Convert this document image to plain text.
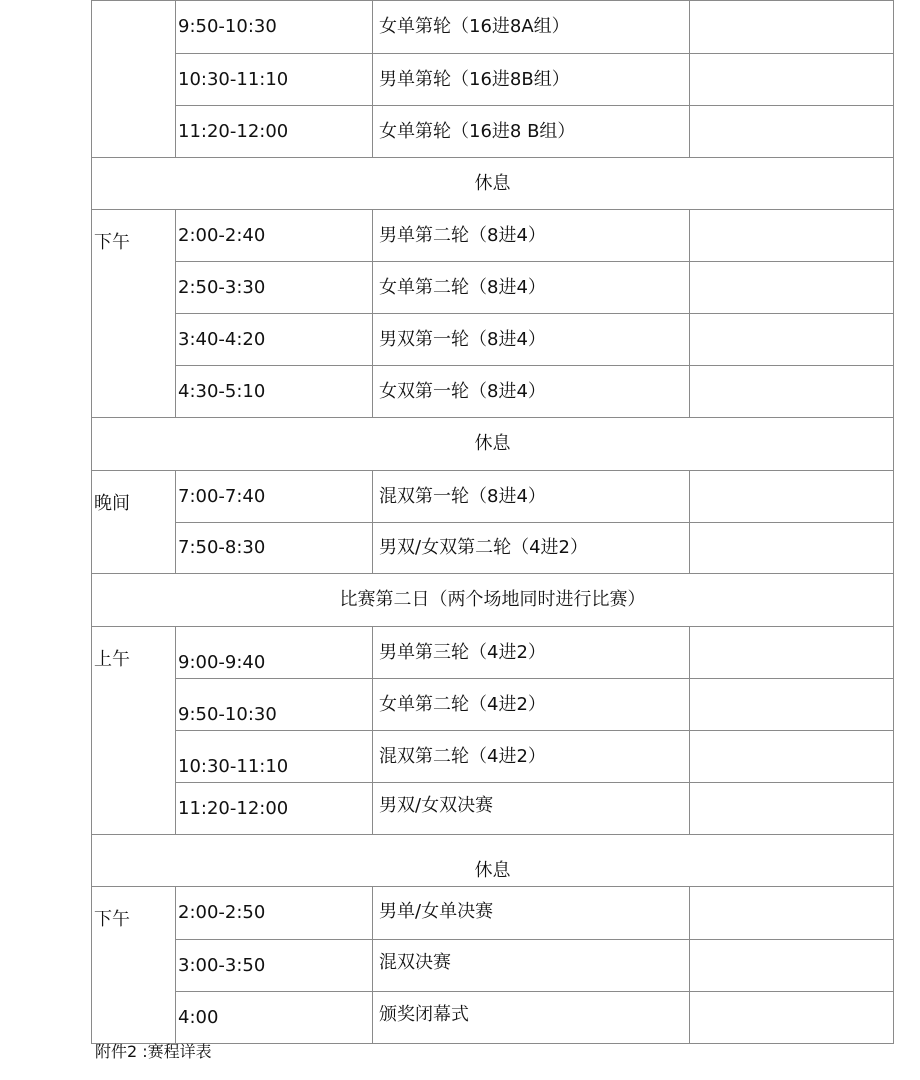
	9:50-10:30	女单第轮（16进8A组）	
	10:30-11:10	男单第轮（16进8B组）	
	11:20-12:00	女单第轮（16进8 B组）	
休息			
下午	2:00-2:40	男单第二轮（8进4）	
	2:50-3:30	女单第二轮（8进4）	
	3:40-4:20	男双第一轮（8进4）	
	4:30-5:10	女双第一轮（8进4）	
休息			
晚间	7:00-7:40	混双第一轮（8进4）	
	7:50-8:30	男双/女双第二轮（4进2）	
比赛第二日（两个场地同时进行比赛）			
上午	9:00-9:40	男单第三轮（4进2）	
	9:50-10:30	女单第二轮（4进2）	
	10:30-11:10	混双第二轮（4进2）	
	11:20-12:00	男双/女双决赛	
休息			
下午	2:00-2:50	男单/女单决赛	
	3:00-3:50	混双决赛	
	4:00	颁奖闭幕式	
附件2 :赛程详表
